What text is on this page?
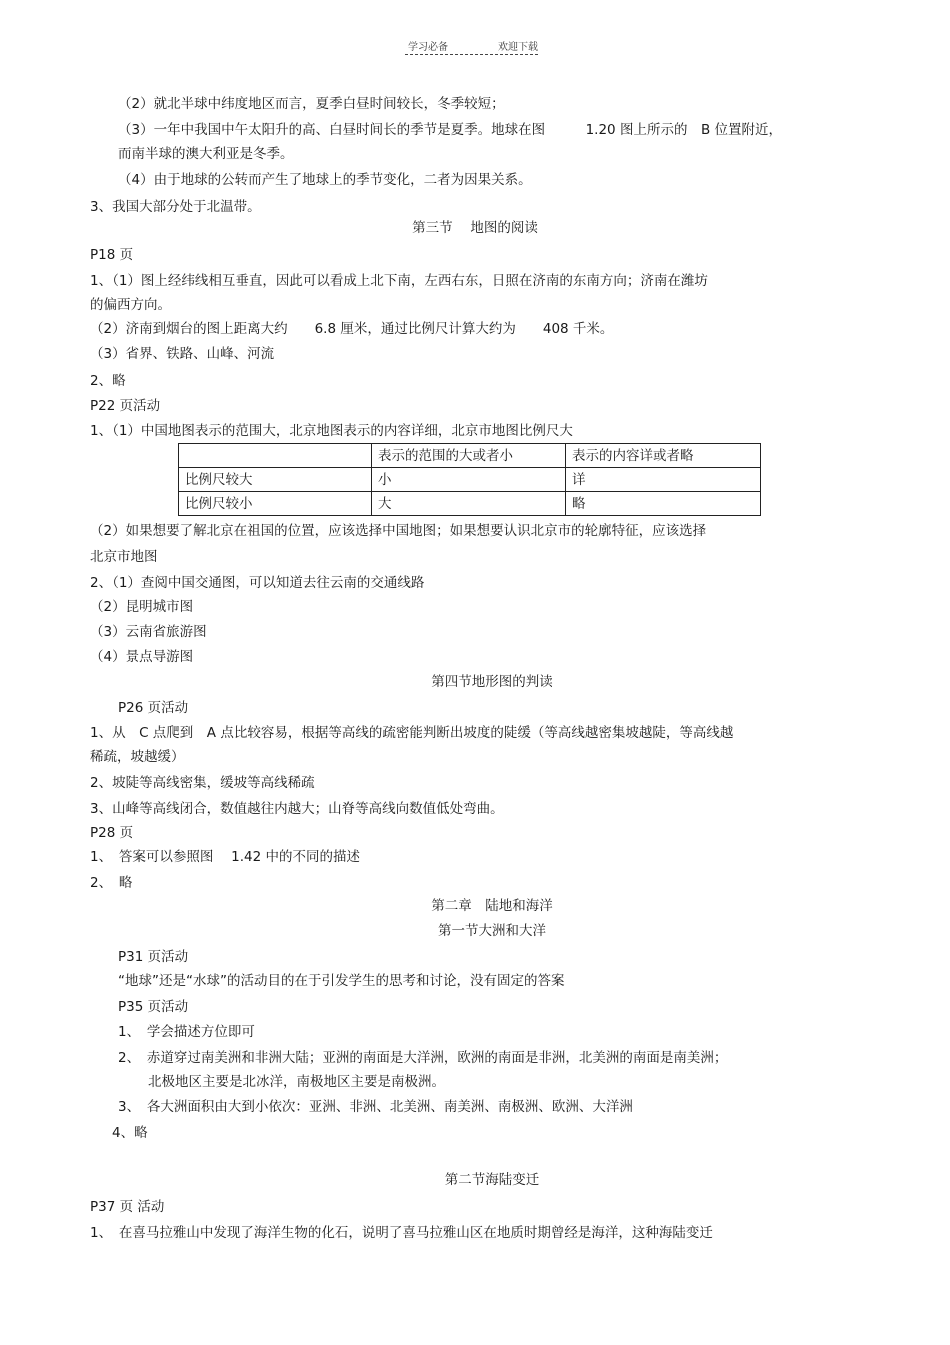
学习必备	欢迎下载
（2）就北半球中纬度地区而言，夏季白昼时间较长，冬季较短；
（3）一年中我国中午太阳升的高、白昼时间长的季节是夏季。地球在图　　　1.20 图上所示的　B 位置附近，
而南半球的澳大利亚是冬季。
（4）由于地球的公转而产生了地球上的季节变化，二者为因果关系。
3、我国大部分处于北温带。
第三节　 地图的阅读
P18 页
1、（1）图上经纬线相互垂直，因此可以看成上北下南，左西右东，日照在济南的东南方向；济南在潍坊
的偏西方向。
（2）济南到烟台的图上距离大约　　6.8 厘米，通过比例尺计算大约为　　408 千米。
（3）省界、铁路、山峰、河流
2、略
P22 页活动
1、（1）中国地图表示的范围大，北京地图表示的内容详细，北京市地图比例尺大
	表示的范围的大或者小	表示的内容详或者略
比例尺较大	小	详
比例尺较小	大	略
（2）如果想要了解北京在祖国的位置，应该选择中国地图；如果想要认识北京市的轮廓特征，应该选择
北京市地图
2、（1）查阅中国交通图，可以知道去往云南的交通线路
（2）昆明城市图
（3）云南省旅游图
（4）景点导游图
第四节地形图的判读
P26 页活动
1、从　C 点爬到　A 点比较容易，根据等高线的疏密能判断出坡度的陡缓（等高线越密集坡越陡，等高线越
稀疏，坡越缓）
2、坡陡等高线密集，缓坡等高线稀疏
3、山峰等高线闭合，数值越往内越大；山脊等高线向数值低处弯曲。
P28 页
1、　答案可以参照图　 1.42 中的不同的描述
2、　略
第二章　陆地和海洋
第一节大洲和大洋
P31 页活动
“地球”还是“水球”的活动目的在于引发学生的思考和讨论，没有固定的答案
P35 页活动
1、　学会描述方位即可
2、　赤道穿过南美洲和非洲大陆；亚洲的南面是大洋洲，欧洲的南面是非洲，北美洲的南面是南美洲；
北极地区主要是北冰洋，南极地区主要是南极洲。
3、　各大洲面积由大到小依次：亚洲、非洲、北美洲、南美洲、南极洲、欧洲、大洋洲
4、略
第二节海陆变迁
P37 页 活动
1、　在喜马拉雅山中发现了海洋生物的化石，说明了喜马拉雅山区在地质时期曾经是海洋，这种海陆变迁
